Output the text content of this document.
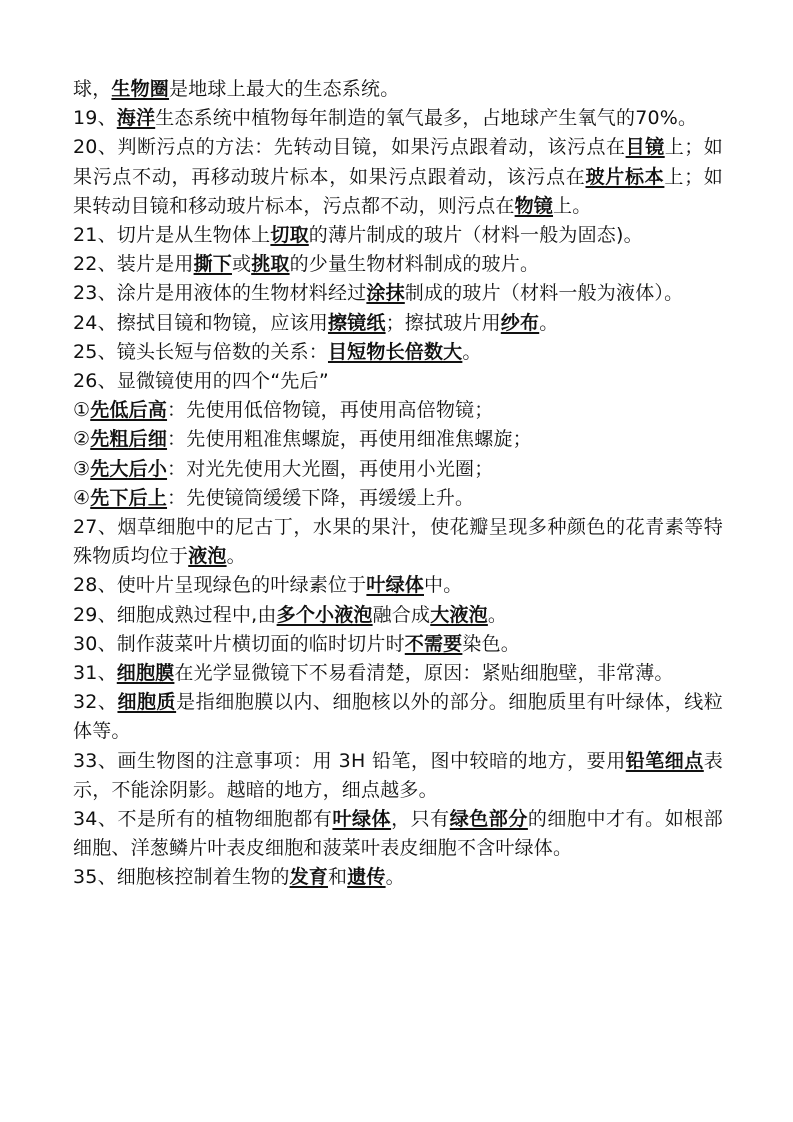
球，生物圈是地球上最大的生态系统。

19、海洋生态系统中植物每年制造的氧气最多，占地球产生氧气的70%。

20、判断污点的方法：先转动目镜，如果污点跟着动，该污点在目镜上；如果污点不动，再移动玻片标本，如果污点跟着动，该污点在玻片标本上；如果转动目镜和移动玻片标本，污点都不动，则污点在物镜上。

21、切片是从生物体上切取的薄片制成的玻片（材料一般为固态)。

22、装片是用撕下或挑取的少量生物材料制成的玻片。

23、涂片是用液体的生物材料经过涂抹制成的玻片（材料一般为液体）。

24、擦拭目镜和物镜，应该用擦镜纸；擦拭玻片用纱布。

25、镜头长短与倍数的关系：目短物长倍数大。

26、显微镜使用的四个“先后”

①先低后高：先使用低倍物镜，再使用高倍物镜；

②先粗后细：先使用粗准焦螺旋，再使用细准焦螺旋；

③先大后小：对光先使用大光圈，再使用小光圈；

④先下后上：先使镜筒缓缓下降，再缓缓上升。

27、烟草细胞中的尼古丁，水果的果汁，使花瓣呈现多种颜色的花青素等特殊物质均位于液泡。

28、使叶片呈现绿色的叶绿素位于叶绿体中。

29、细胞成熟过程中,由多个小液泡融合成大液泡。

30、制作菠菜叶片横切面的临时切片时不需要染色。

31、细胞膜在光学显微镜下不易看清楚，原因：紧贴细胞壁，非常薄。

32、细胞质是指细胞膜以内、细胞核以外的部分。细胞质里有叶绿体，线粒体等。

33、画生物图的注意事项：用 3H 铅笔，图中较暗的地方，要用铅笔细点表示，不能涂阴影。越暗的地方，细点越多。

34、不是所有的植物细胞都有叶绿体，只有绿色部分的细胞中才有。如根部细胞、洋葱鳞片叶表皮细胞和菠菜叶表皮细胞不含叶绿体。

35、细胞核控制着生物的发育和遗传。
